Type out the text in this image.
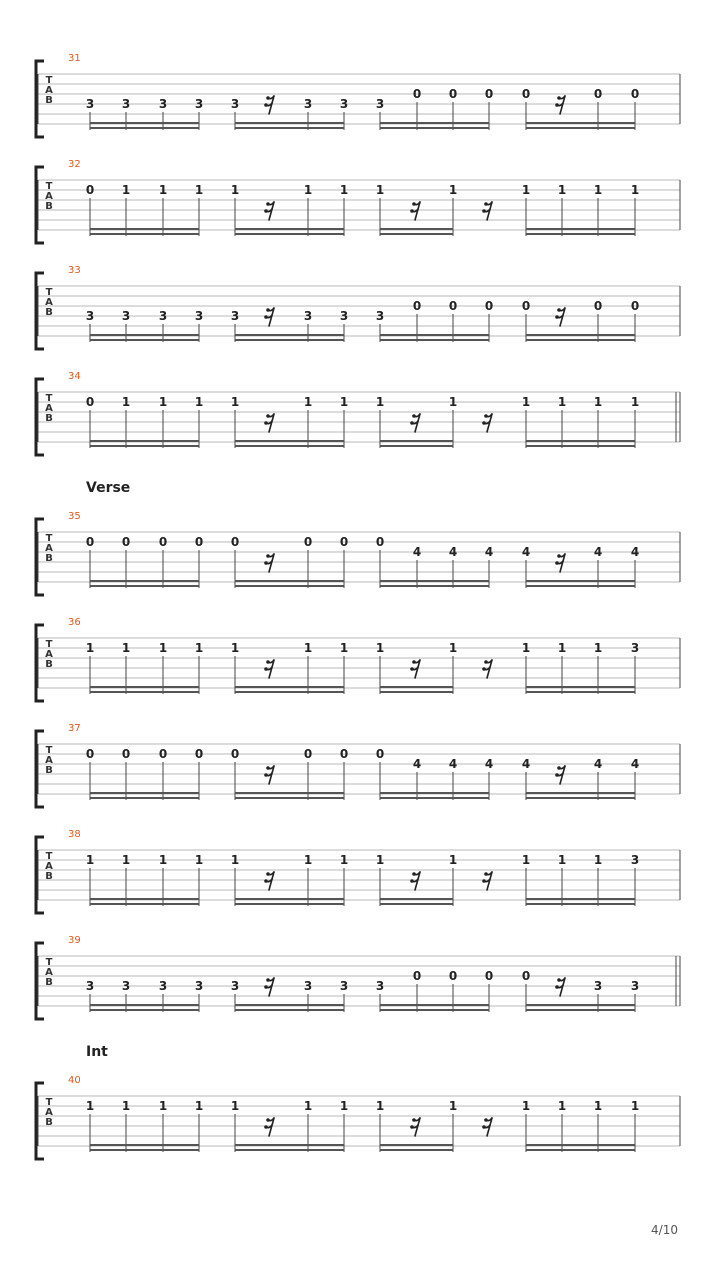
4/10
31
T
A
B	3 3 3 3 3	3 3 3
0 0 0 0	0 0
32
T
A
B
0 1 1 1 1	1 1 1	1	1 1 1 1
33
T
A
B	3 3 3 3 3	3 3 3
0 0 0 0	0 0
34
T
A
B
0 1 1 1 1	1 1 1	1	1 1 1 1
Verse
35
T
A
B
0 0 0 0 0	0 0 0
4 4 4 4	4 4
36
T
A
B
1 1 1 1 1	1 1 1	1	1 1 1 3
37
T
A
B
0 0 0 0 0	0 0 0
4 4 4 4	4 4
38
T
A
B
1 1 1 1 1	1 1 1	1	1 1 1 3
39
T
A
B	3 3 3 3 3	3 3 3
0 0 0 0
3 3
Int
40
T
A
B
1 1 1 1 1	1 1 1	1	1 1 1 1
